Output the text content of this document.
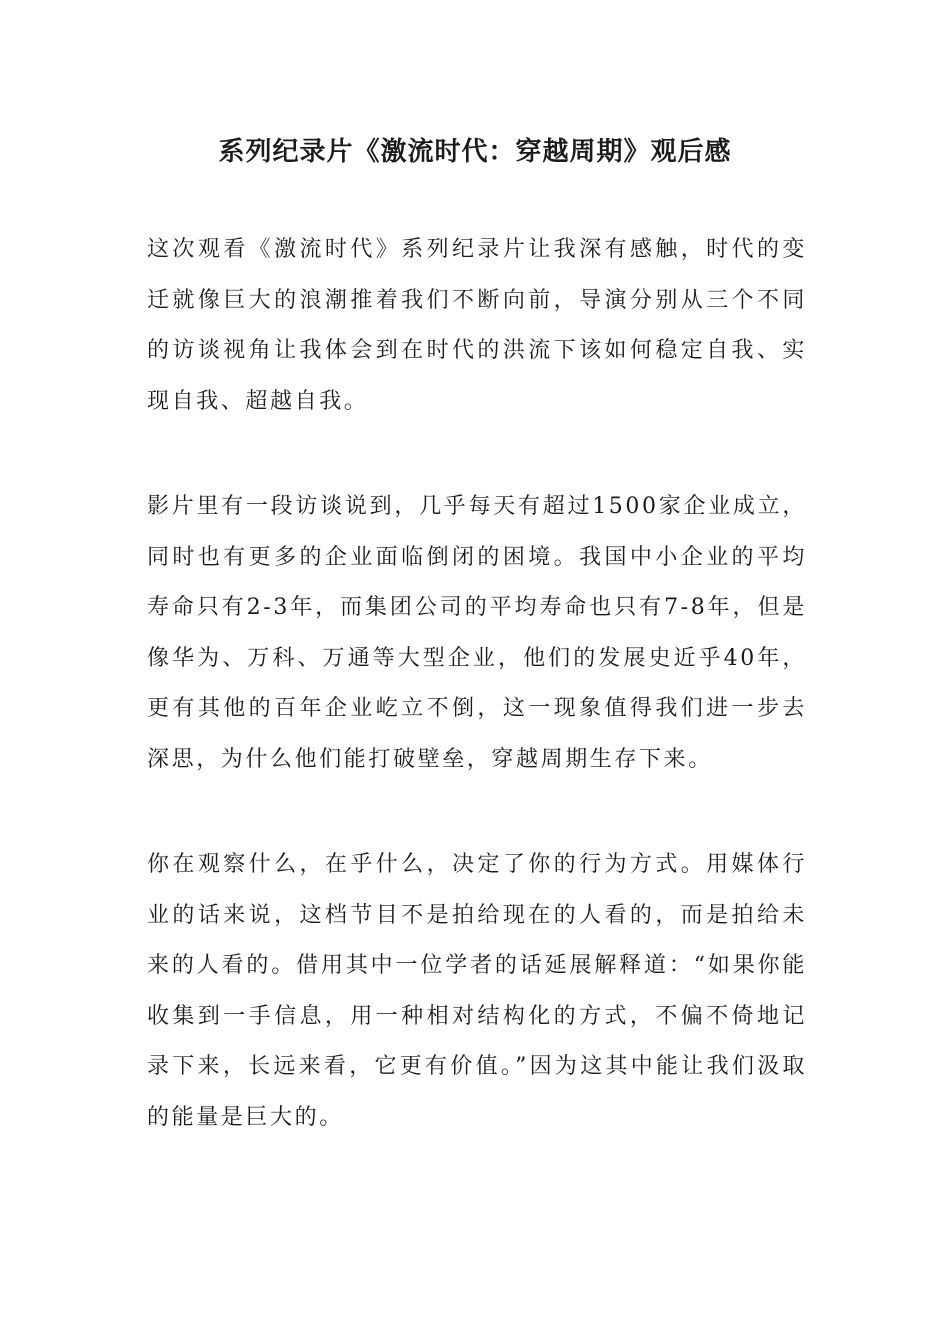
系列纪录片《激流时代：穿越周期》观后感

这次观看《激流时代》系列纪录片让我深有感触，时代的变迁就像巨大的浪潮推着我们不断向前，导演分别从三个不同的访谈视角让我体会到在时代的洪流下该如何稳定自我、实现自我、超越自我。

影片里有一段访谈说到，几乎每天有超过1500家企业成立，同时也有更多的企业面临倒闭的困境。我国中小企业的平均寿命只有2-3年，而集团公司的平均寿命也只有7-8年，但是像华为、万科、万通等大型企业，他们的发展史近乎40年，更有其他的百年企业屹立不倒，这一现象值得我们进一步去深思，为什么他们能打破壁垒，穿越周期生存下来。

你在观察什么，在乎什么，决定了你的行为方式。用媒体行业的话来说，这档节目不是拍给现在的人看的，而是拍给未来的人看的。借用其中一位学者的话延展解释道：“如果你能收集到一手信息，用一种相对结构化的方式，不偏不倚地记录下来，长远来看，它更有价值。”因为这其中能让我们汲取的能量是巨大的。
